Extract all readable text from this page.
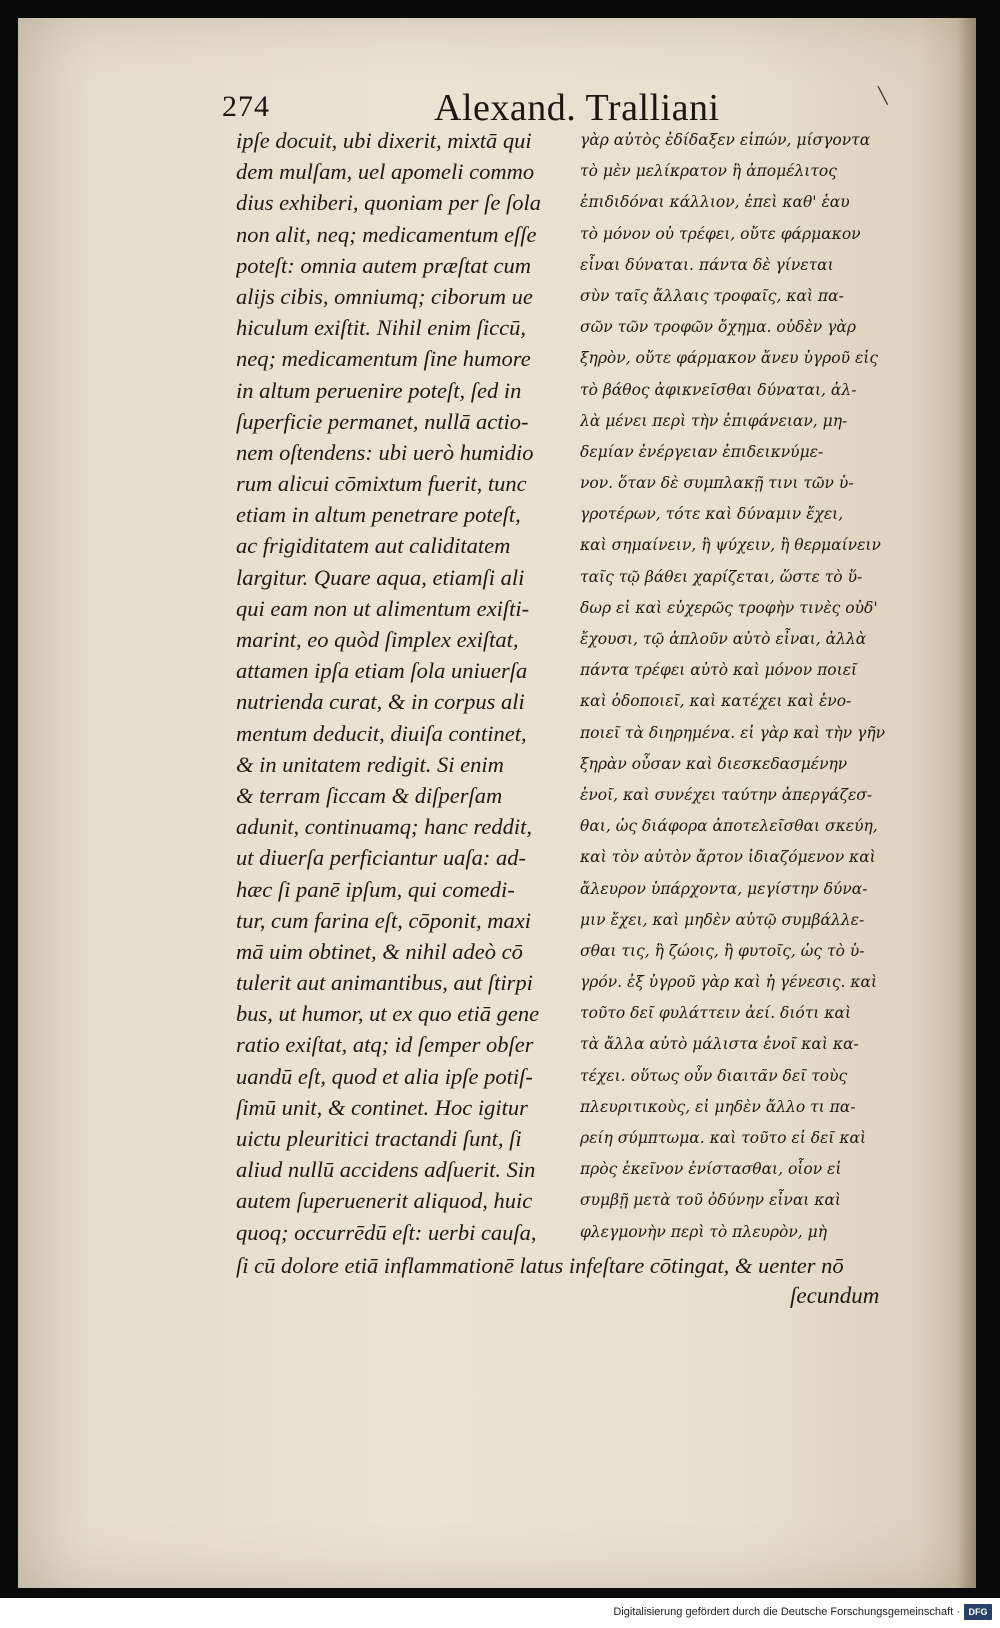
274	Alexand. Tralliani	╲
ipſe docuit, ubi dixerit, mixtā qui
dem mulſam, uel apomeli commo
dius exhiberi, quoniam per ſe ſola
non alit, neq; medicamentum eſſe
poteſt: omnia autem præſtat cum
alijs cibis, omniumq; ciborum ue
hiculum exiſtit. Nihil enim ſiccū,
neq; medicamentum ſine humore
in altum peruenire poteſt, ſed in
ſuperficie permanet, nullā actio-
nem oſtendens: ubi uerò humidio
rum alicui cōmixtum fuerit, tunc
etiam in altum penetrare poteſt,
ac frigiditatem aut caliditatem
largitur. Quare aqua, etiamſi ali
qui eam non ut alimentum exiſti-
marint, eo quòd ſimplex exiſtat,
attamen ipſa etiam ſola uniuerſa
nutrienda curat, & in corpus ali
mentum deducit, diuiſa continet,
& in unitatem redigit. Si enim
& terram ſiccam & diſperſam
adunit, continuamq; hanc reddit,
ut diuerſa perficiantur uaſa: ad-
hæc ſi panē ipſum, qui comedi-
tur, cum farina eſt, cōponit, maxi
mā uim obtinet, & nihil adeò cō
tulerit aut animantibus, aut ſtirpi
bus, ut humor, ut ex quo etiā gene
ratio exiſtat, atq; id ſemper obſer
uandū eſt, quod et alia ipſe potiſ-
ſimū unit, & continet. Hoc igitur
uictu pleuritici tractandi ſunt, ſi
aliud nullū accidens adſuerit. Sin
autem ſuperuenerit aliquod, huic
quoq; occurrēdū eſt: uerbi cauſa,
γὰρ αὐτὸς ἐδίδαξεν εἰπών, μίσγοντα
τὸ μὲν μελίκρατον ἢ ἀπομέλιτος
ἐπιδιδόναι κάλλιον, ἐπεὶ καθ' ἑαυ
τὸ μόνον οὐ τρέφει, οὔτε φάρμακον
εἶναι δύναται. πάντα δὲ γίνεται
σὺν ταῖς ἄλλαις τροφαῖς, καὶ πα-
σῶν τῶν τροφῶν ὄχημα. οὐδὲν γὰρ
ξηρὸν, οὔτε φάρμακον ἄνευ ὑγροῦ εἰς
τὸ βάθος ἀφικνεῖσθαι δύναται, ἀλ-
λὰ μένει περὶ τὴν ἐπιφάνειαν, μη-
δεμίαν ἐνέργειαν ἐπιδεικνύμε-
νον. ὅταν δὲ συμπλακῇ τινι τῶν ὑ-
γροτέρων, τότε καὶ δύναμιν ἔχει,
καὶ σημαίνειν, ἢ ψύχειν, ἢ θερμαίνειν
ταῖς τῷ βάθει χαρίζεται, ὥστε τὸ ὕ-
δωρ εἰ καὶ εὐχερῶς τροφὴν τινὲς οὐδ'
ἔχουσι, τῷ ἁπλοῦν αὐτὸ εἶναι, ἀλλὰ
πάντα τρέφει αὐτὸ καὶ μόνον ποιεῖ
καὶ ὁδοποιεῖ, καὶ κατέχει καὶ ἑνο-
ποιεῖ τὰ διηρημένα. εἰ γὰρ καὶ τὴν γῆν
ξηρὰν οὖσαν καὶ διεσκεδασμένην
ἑνοῖ, καὶ συνέχει ταύτην ἀπεργάζεσ-
θαι, ὡς διάφορα ἀποτελεῖσθαι σκεύη,
καὶ τὸν αὐτὸν ἄρτον ἰδιαζόμενον καὶ
ἄλευρον ὑπάρχοντα, μεγίστην δύνα-
μιν ἔχει, καὶ μηδὲν αὐτῷ συμβάλλε-
σθαι τις, ἢ ζώοις, ἢ φυτοῖς, ὡς τὸ ὑ-
γρόν. ἐξ ὑγροῦ γὰρ καὶ ἡ γένεσις. καὶ
τοῦτο δεῖ φυλάττειν ἀεί. διότι καὶ
τὰ ἄλλα αὐτὸ μάλιστα ἑνοῖ καὶ κα-
τέχει. οὕτως οὖν διαιτᾶν δεῖ τοὺς
πλευριτικοὺς, εἰ μηδὲν ἄλλο τι πα-
ρείη σύμπτωμα. καὶ τοῦτο εἰ δεῖ καὶ
πρὸς ἐκεῖνον ἐνίστασθαι, οἷον εἰ
συμβῇ μετὰ τοῦ ὀδύνην εἶναι καὶ
φλεγμονὴν περὶ τὸ πλευρὸν, μὴ
ſi cū dolore etiā inflammationē latus infeſtare cōtingat, & uenter nō
ſecundum
Digitalisierung gefördert durch die Deutsche Forschungsgemeinschaft · DFG
